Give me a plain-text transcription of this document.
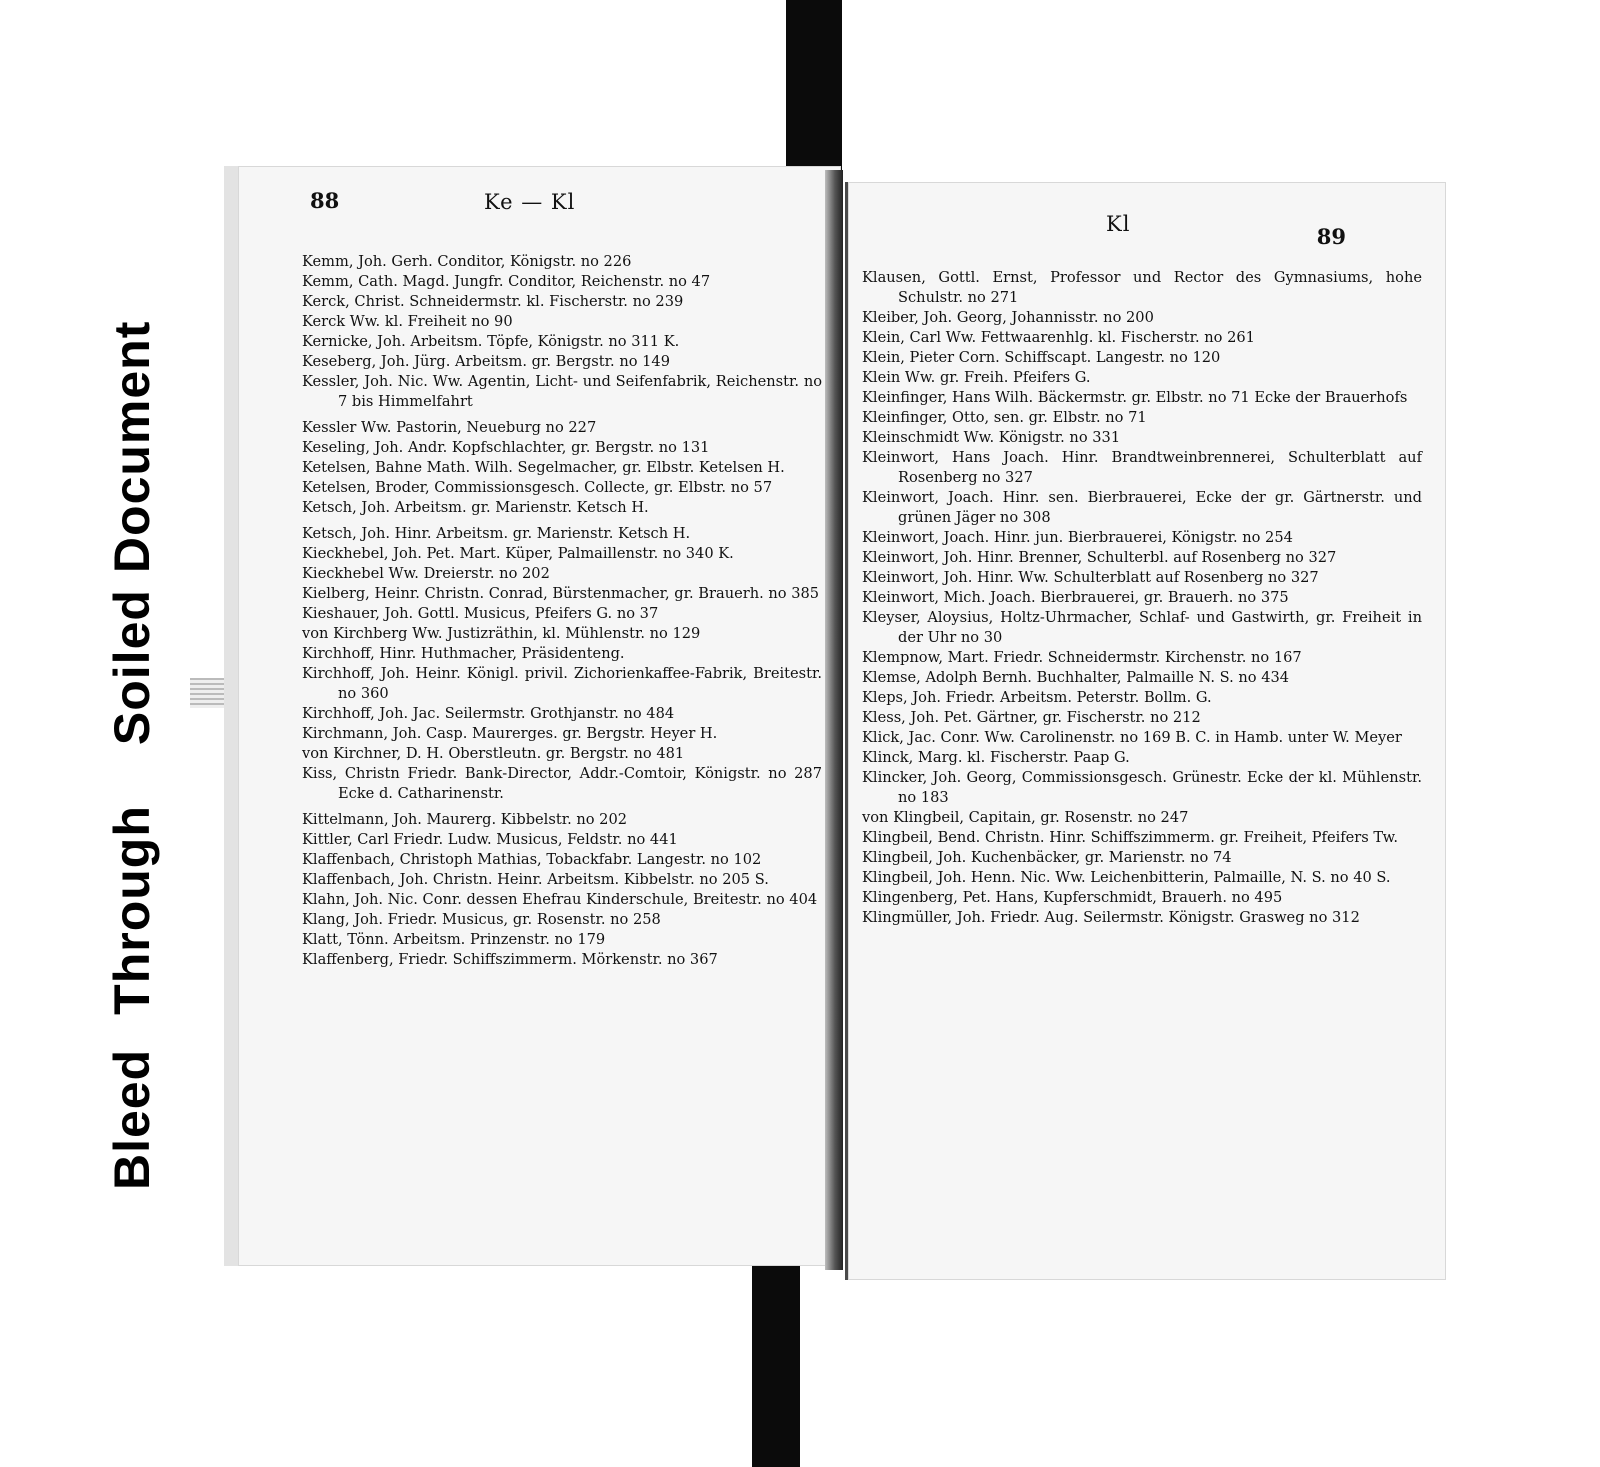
BleedThroughSoiledDocument
88	Ke — Kl
Kemm, Joh. Gerh. Conditor, Königstr. no 226
Kemm, Cath. Magd. Jungfr. Conditor, Reichenstr. no 47
Kerck, Christ. Schneidermstr. kl. Fischerstr. no 239
Kerck Ww. kl. Freiheit no 90
Kernicke, Joh. Arbeitsm. Töpfe, Königstr. no 311 K.
Keseberg, Joh. Jürg. Arbeitsm. gr. Bergstr. no 149
Kessler, Joh. Nic. Ww. Agentin, Licht- und Seifenfabrik, Reichenstr. no 7 bis Himmelfahrt
Kessler Ww. Pastorin, Neueburg no 227
Keseling, Joh. Andr. Kopfschlachter, gr. Bergstr. no 131
Ketelsen, Bahne Math. Wilh. Segelmacher, gr. Elbstr. Ketelsen H.
Ketelsen, Broder, Commissionsgesch. Collecte, gr. Elbstr. no 57
Ketsch, Joh. Arbeitsm. gr. Marienstr. Ketsch H.
Ketsch, Joh. Hinr. Arbeitsm. gr. Marienstr. Ketsch H.
Kieckhebel, Joh. Pet. Mart. Küper, Palmaillenstr. no 340 K.
Kieckhebel Ww. Dreierstr. no 202
Kielberg, Heinr. Christn. Conrad, Bürstenmacher, gr. Brauerh. no 385
Kieshauer, Joh. Gottl. Musicus, Pfeifers G. no 37
von Kirchberg Ww. Justizräthin, kl. Mühlenstr. no 129
Kirchhoff, Hinr. Huthmacher, Präsidenteng.
Kirchhoff, Joh. Heinr. Königl. privil. Zichorienkaffee-Fabrik, Breitestr. no 360
Kirchhoff, Joh. Jac. Seilermstr. Grothjanstr. no 484
Kirchmann, Joh. Casp. Maurerges. gr. Bergstr. Heyer H.
von Kirchner, D. H. Oberstleutn. gr. Bergstr. no 481
Kiss, Christn Friedr. Bank-Director, Addr.-Comtoir, Königstr. no 287 Ecke d. Catharinenstr.
Kittelmann, Joh. Maurerg. Kibbelstr. no 202
Kittler, Carl Friedr. Ludw. Musicus, Feldstr. no 441
Klaffenbach, Christoph Mathias, Tobackfabr. Langestr. no 102
Klaffenbach, Joh. Christn. Heinr. Arbeitsm. Kibbelstr. no 205 S.
Klahn, Joh. Nic. Conr. dessen Ehefrau Kinderschule, Breitestr. no 404
Klang, Joh. Friedr. Musicus, gr. Rosenstr. no 258
Klatt, Tönn. Arbeitsm. Prinzenstr. no 179
Klaffenberg, Friedr. Schiffszimmerm. Mörkenstr. no 367
Kl	89
Klausen, Gottl. Ernst, Professor und Rector des Gymnasiums, hohe Schulstr. no 271
Kleiber, Joh. Georg, Johannisstr. no 200
Klein, Carl Ww. Fettwaarenhlg. kl. Fischerstr. no 261
Klein, Pieter Corn. Schiffscapt. Langestr. no 120
Klein Ww. gr. Freih. Pfeifers G.
Kleinfinger, Hans Wilh. Bäckermstr. gr. Elbstr. no 71 Ecke der Brauerhofs
Kleinfinger, Otto, sen. gr. Elbstr. no 71
Kleinschmidt Ww. Königstr. no 331
Kleinwort, Hans Joach. Hinr. Brandtweinbrennerei, Schulterblatt auf Rosenberg no 327
Kleinwort, Joach. Hinr. sen. Bierbrauerei, Ecke der gr. Gärtnerstr. und grünen Jäger no 308
Kleinwort, Joach. Hinr. jun. Bierbrauerei, Königstr. no 254
Kleinwort, Joh. Hinr. Brenner, Schulterbl. auf Rosenberg no 327
Kleinwort, Joh. Hinr. Ww. Schulterblatt auf Rosenberg no 327
Kleinwort, Mich. Joach. Bierbrauerei, gr. Brauerh. no 375
Kleyser, Aloysius, Holtz-Uhrmacher, Schlaf- und Gastwirth, gr. Freiheit in der Uhr no 30
Klempnow, Mart. Friedr. Schneidermstr. Kirchenstr. no 167
Klemse, Adolph Bernh. Buchhalter, Palmaille N. S. no 434
Kleps, Joh. Friedr. Arbeitsm. Peterstr. Bollm. G.
Kless, Joh. Pet. Gärtner, gr. Fischerstr. no 212
Klick, Jac. Conr. Ww. Carolinenstr. no 169 B. C. in Hamb. unter W. Meyer
Klinck, Marg. kl. Fischerstr. Paap G.
Klincker, Joh. Georg, Commissionsgesch. Grünestr. Ecke der kl. Mühlenstr. no 183
von Klingbeil, Capitain, gr. Rosenstr. no 247
Klingbeil, Bend. Christn. Hinr. Schiffszimmerm. gr. Freiheit, Pfeifers Tw.
Klingbeil, Joh. Kuchenbäcker, gr. Marienstr. no 74
Klingbeil, Joh. Henn. Nic. Ww. Leichenbitterin, Palmaille, N. S. no 40 S.
Klingenberg, Pet. Hans, Kupferschmidt, Brauerh. no 495
Klingmüller, Joh. Friedr. Aug. Seilermstr. Königstr. Grasweg no 312
